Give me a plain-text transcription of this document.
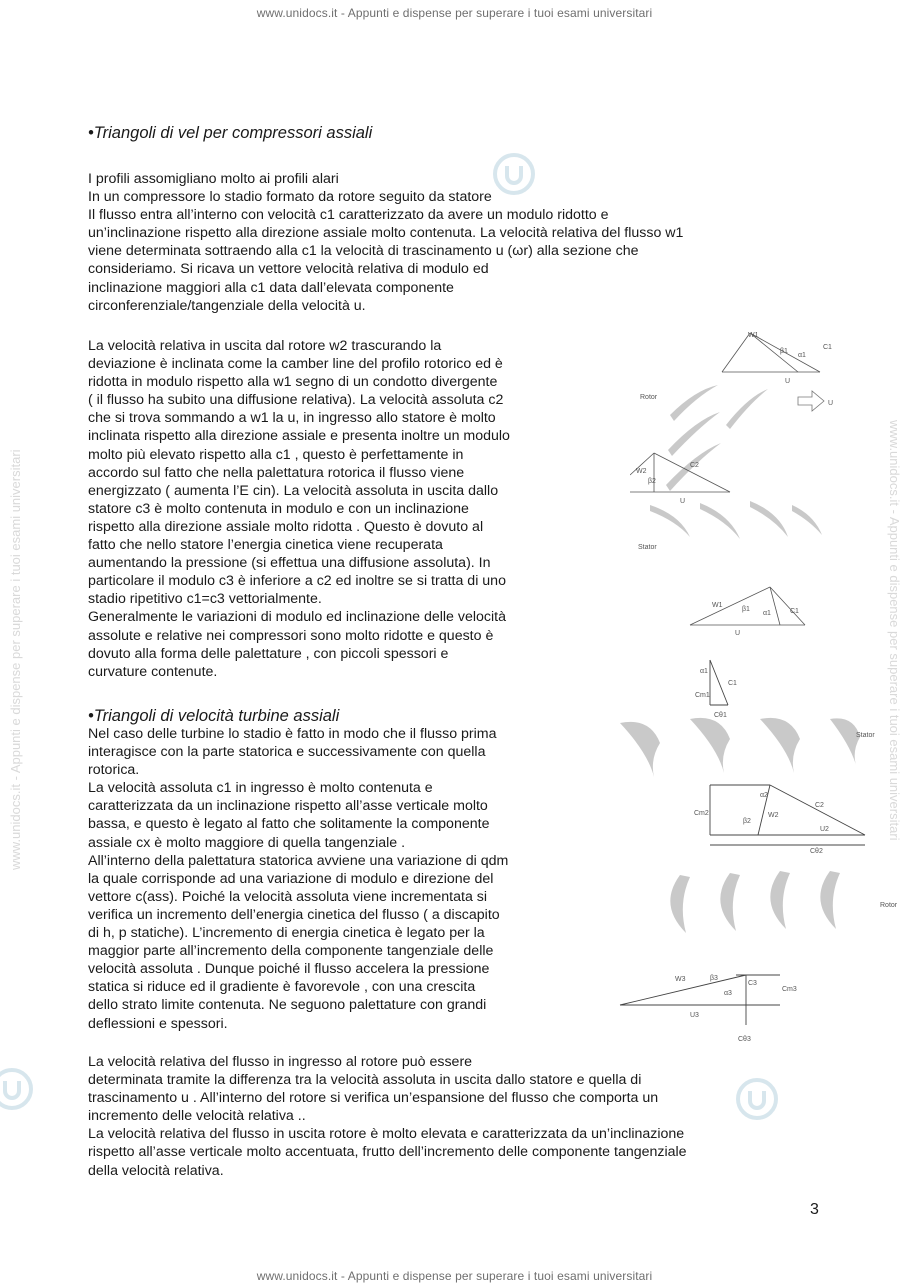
www.unidocs.it - Appunti e dispense per superare i tuoi esami universitari
www.unidocs.it - Appunti e dispense per superare i tuoi esami universitari
www.unidocs.it - Appunti e dispense per superare i tuoi esami universitari	www.unidocs.it - Appunti e dispense per superare i tuoi esami universitari
•Triangoli di vel per compressori assiali

I profili assomigliano molto ai profili alari
In un compressore lo stadio formato da rotore seguito da statore
Il flusso entra all’interno con velocità c1 caratterizzato da avere un modulo ridotto e
un’inclinazione rispetto alla direzione assiale molto contenuta. La velocità relativa del flusso w1
viene determinata sottraendo alla c1 la velocità di trascinamento u (ωr) alla sezione che
consideriamo. Si ricava un vettore velocità relativa di modulo ed
inclinazione maggiori alla c1 data dall’elevata componente
circonferenziale/tangenziale della velocità u.

La velocità relativa in uscita dal rotore w2 trascurando la
deviazione è inclinata come la camber line del profilo rotorico ed è
ridotta in modulo rispetto alla w1 segno di un condotto divergente
( il flusso ha subito una diffusione relativa). La velocità assoluta c2
che si trova sommando a w1 la u, in ingresso allo statore è molto
inclinata rispetto alla direzione assiale e presenta inoltre un modulo
molto più elevato rispetto alla c1 , questo è perfettamente in
accordo sul fatto che nella palettatura rotorica il flusso viene
energizzato ( aumenta l’E cin). La velocità assoluta in uscita dallo
statore c3 è molto contenuta in modulo e con un inclinazione
rispetto alla direzione assiale molto ridotta . Questo è dovuto al
fatto che nello statore l’energia cinetica viene recuperata
aumentando la pressione (si effettua una diffusione assoluta). In
particolare il modulo c3 è inferiore a c2 ed inoltre se si tratta di uno
stadio ripetitivo c1=c3 vettorialmente.
Generalmente le variazioni di modulo ed inclinazione delle velocità
assolute e relative nei compressori sono molto ridotte e questo è
dovuto alla forma delle palettature , con piccoli spessori e
curvature contenute.

•Triangoli di velocità turbine assiali

Nel caso delle turbine lo stadio è fatto in modo che il flusso prima
interagisce con la parte statorica e successivamente con quella
rotorica.
La velocità assoluta c1 in ingresso è molto contenuta e
caratterizzata da un inclinazione rispetto all’asse verticale molto
bassa, e questo è legato al fatto che solitamente la componente
assiale cx è molto maggiore di quella tangenziale .
All’interno della palettatura statorica avviene una variazione di qdm
la quale corrisponde ad una variazione di modulo e direzione del
vettore c(ass). Poiché la velocità assoluta viene incrementata si
verifica un incremento dell’energia cinetica del flusso ( a discapito
di h, p statiche). L’incremento di energia cinetica è legato per la
maggior parte all’incremento della componente tangenziale delle
velocità assoluta . Dunque poiché il flusso accelera la pressione
statica si riduce ed il gradiente è favorevole , con una crescita
dello strato limite contenuta. Ne seguono palettature con grandi
deflessioni e spessori.

La velocità relativa del flusso in ingresso al rotore può essere
determinata tramite la differenza tra la velocità assoluta in uscita dallo statore e quella di
trascinamento u . All’interno del rotore si verifica un’espansione del flusso che comporta un
incremento delle velocità relativa ..
La velocità relativa del flusso in uscita rotore è molto elevata e caratterizzata da un’inclinazione
rispetto all’asse verticale molto accentuata, frutto dell’incremento delle componente tangenziale
della velocità relativa.

3
W1
β1
α1
C1
U
Rotor
U
W2
β2
C2
U
Stator
W1
β1
α1	C1
U
α1
C1
Cm1
Cθ1
Stator
Cm2
α2
β2
W2
C2
U2
Cθ2
Rotor
W3	β3
α3
C3
Cm3
U3
Cθ3
